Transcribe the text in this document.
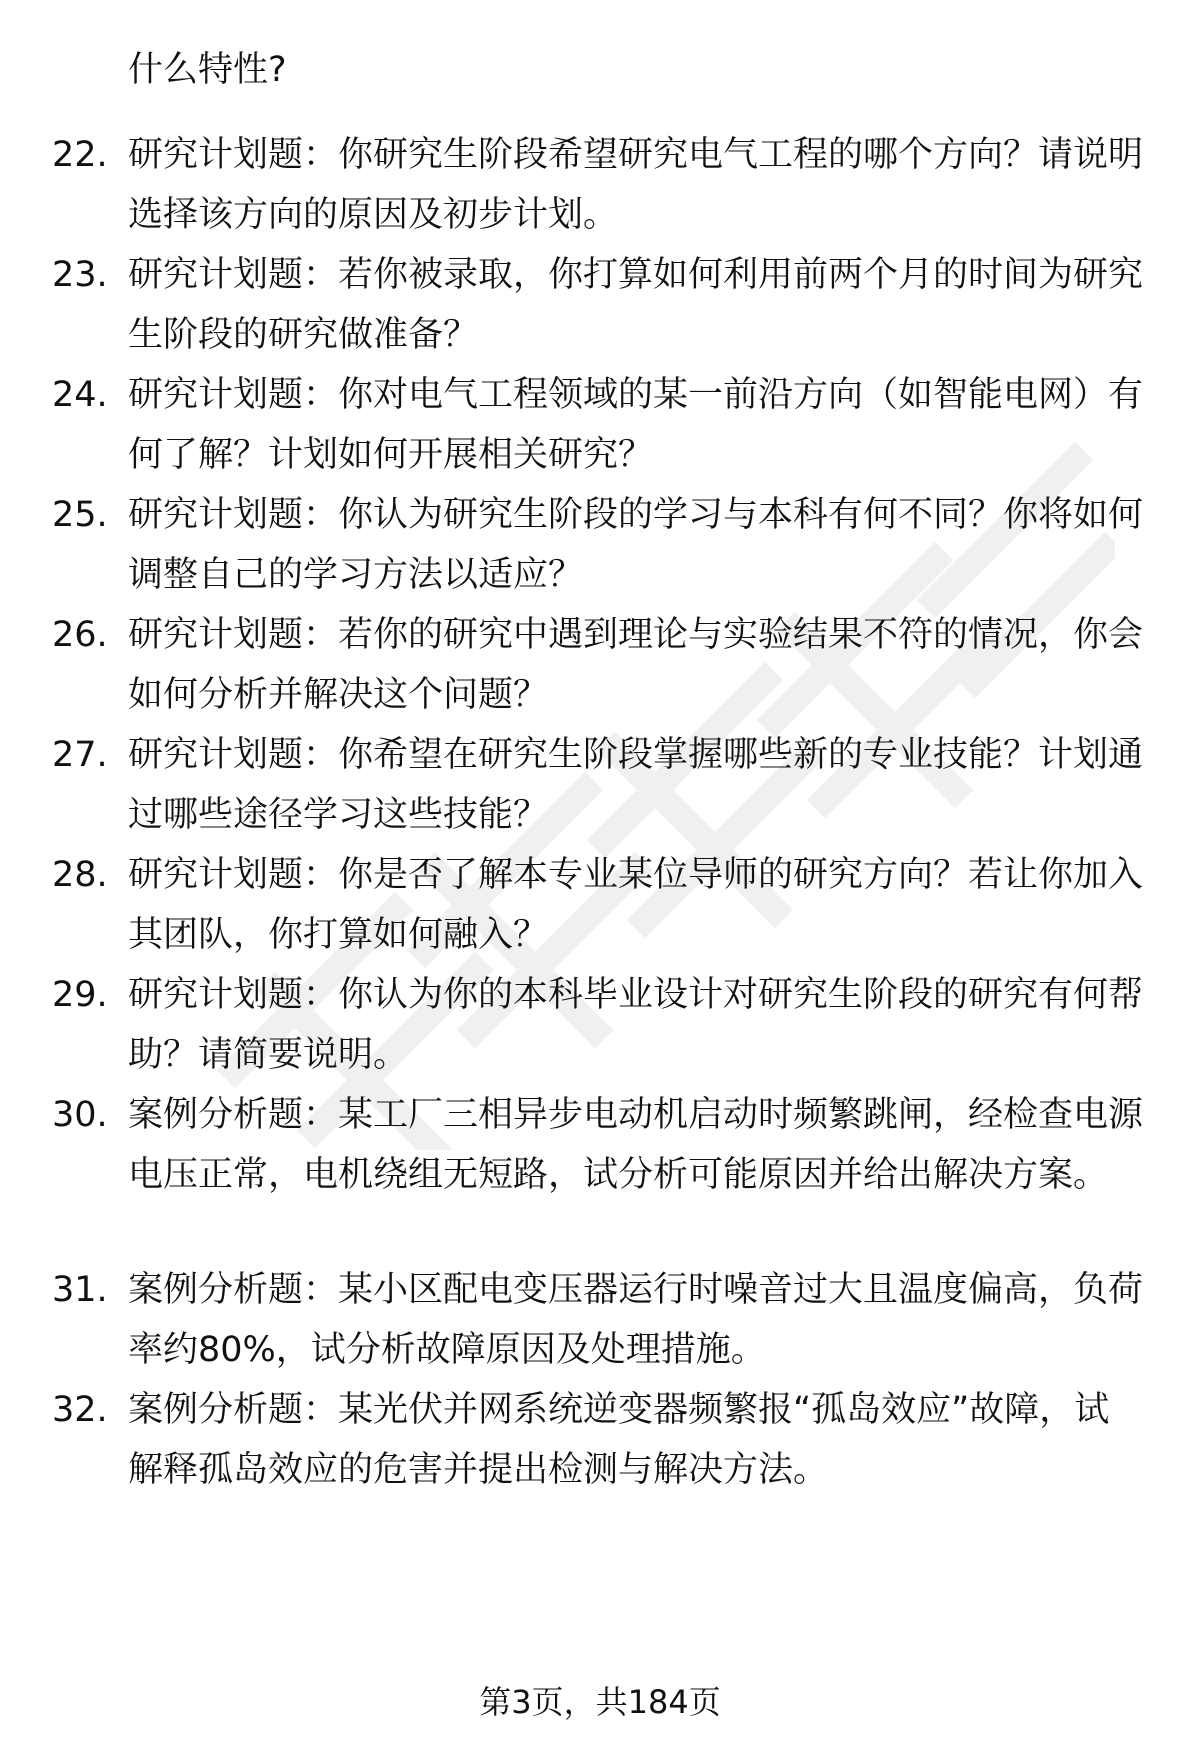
什么特性?
22. 研究计划题：你研究生阶段希望研究电气工程的哪个方向？请说明选择该方向的原因及初步计划。
23. 研究计划题：若你被录取，你打算如何利用前两个月的时间为研究生阶段的研究做准备？
24. 研究计划题：你对电气工程领域的某一前沿方向（如智能电网）有何了解？计划如何开展相关研究？
25. 研究计划题：你认为研究生阶段的学习与本科有何不同？你将如何调整自己的学习方法以适应？
26. 研究计划题：若你的研究中遇到理论与实验结果不符的情况，你会如何分析并解决这个问题？
27. 研究计划题：你希望在研究生阶段掌握哪些新的专业技能？计划通过哪些途径学习这些技能？
28. 研究计划题：你是否了解本专业某位导师的研究方向？若让你加入其团队，你打算如何融入？
29. 研究计划题：你认为你的本科毕业设计对研究生阶段的研究有何帮助？请简要说明。
30. 案例分析题：某工厂三相异步电动机启动时频繁跳闸，经检查电源电压正常，电机绕组无短路，试分析可能原因并给出解决方案。
31. 案例分析题：某小区配电变压器运行时噪音过大且温度偏高，负荷率约80%，试分析故障原因及处理措施。
32. 案例分析题：某光伏并网系统逆变器频繁报“孤岛效应”故障，试解释孤岛效应的危害并提出检测与解决方法。
第3页，共184页
